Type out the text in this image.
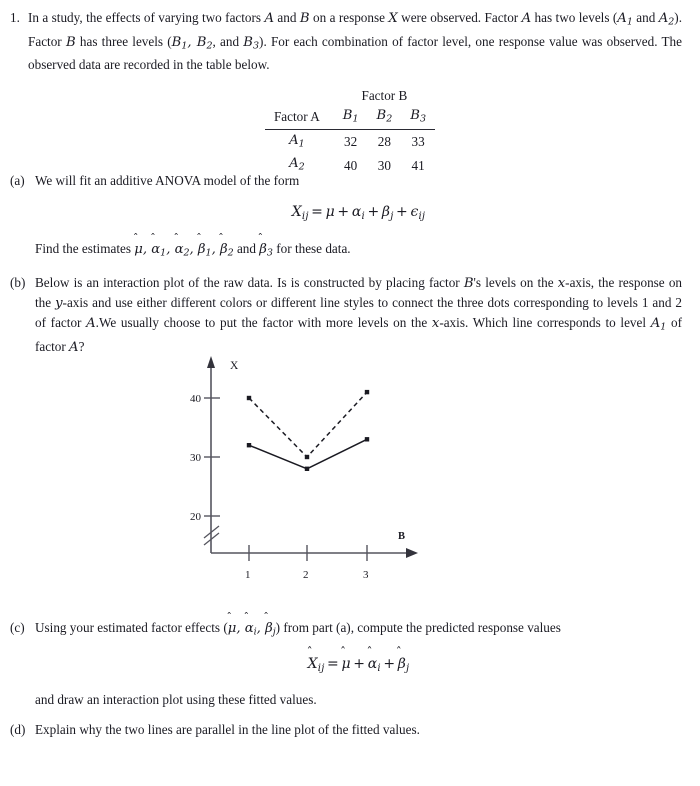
1. In a study, the effects of varying two factors A and B on a response X were observed. Factor A has two levels ($A_1$ and $A_2$). Factor B has three levels ($B_1$, $B_2$, and $B_3$). For each combination of factor level, one response value was observed. The observed data are recorded in the table below.

	Factor B		
Factor A	$B_1$	$B_2$	$B_3$
$A_1$	32	28	33
$A_2$	40	30	41
(a) We will fit an additive ANOVA model of the form

$X_{ij} = \mu + \alpha_i + \beta_j + \epsilon_{ij}$

Find the estimates
μ,
$\alpha_1$,
$\alpha_2$,
$\beta_1$,
$\beta_2$ and
$\beta_3$ for these data.

(b) Below is an interaction plot of the raw data. Is is constructed by placing factor B's levels on the x-axis, the response on the y-axis and use either different colors or different line styles to connect the three dots corresponding to levels 1 and 2 of factor A.We usually choose to put the factor with more levels on the x-axis. Which line corresponds to level $A_1$ of factor A?

X
B
40
30
20
1	2	3
(c) Using your estimated factor effects (
μ,
$\alpha_i$,
$\beta_j$) from part (a), compute the predicted response values

̂
$X_{ij}$ =
̂
μ +
̂
$\alpha_i$ +
̂
$\beta_j$

and draw an interaction plot using these fitted values.

(d) Explain why the two lines are parallel in the line plot of the fitted values.
